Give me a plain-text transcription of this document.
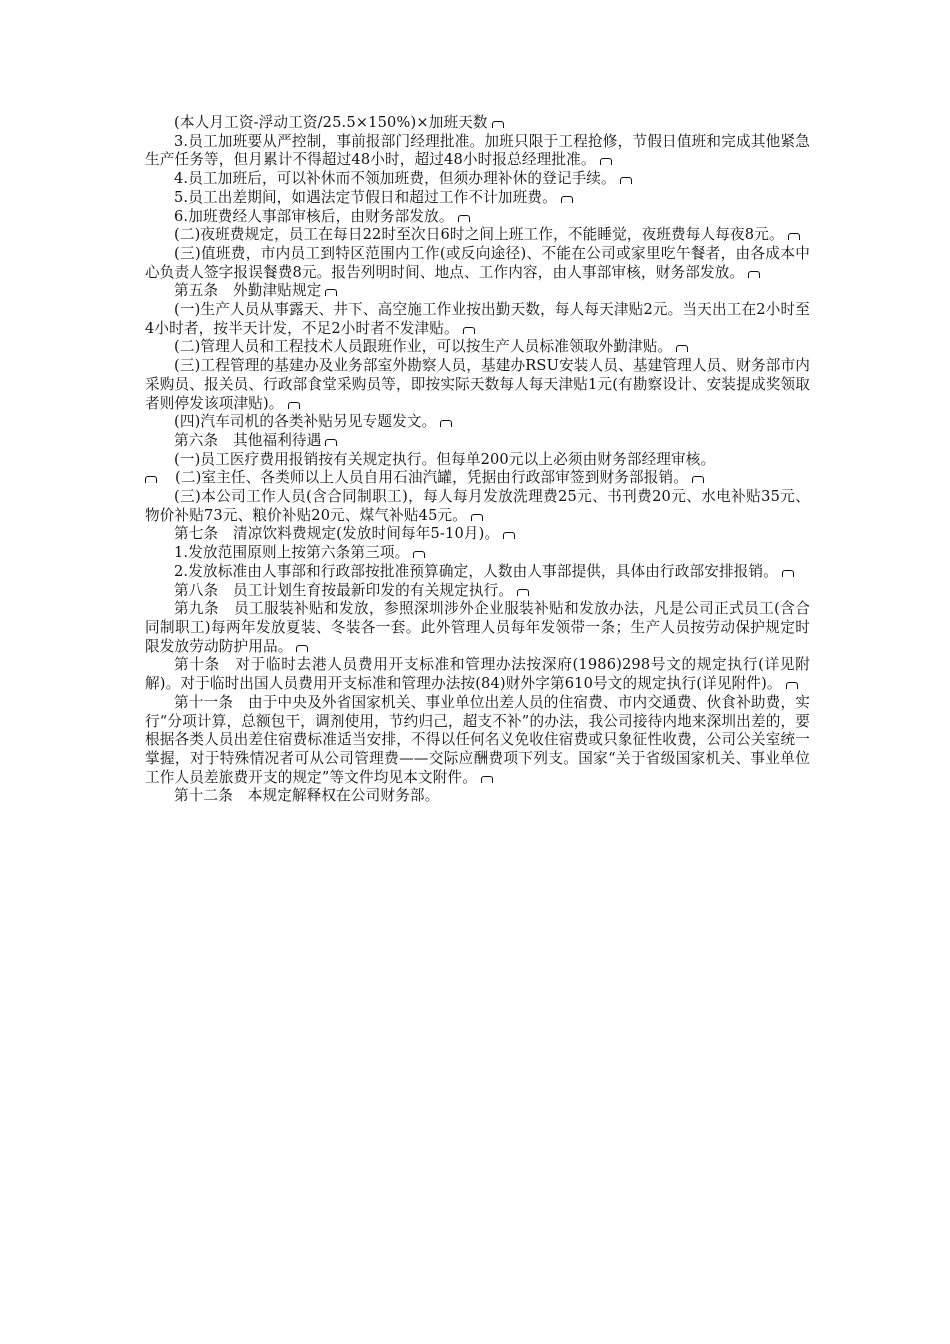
(本人月工资-浮动工资/25.5×150%)×加班天数

3.员工加班要从严控制，事前报部门经理批准。加班只限于工程抢修，节假日值班和完成其他紧急生产任务等，但月累计不得超过48小时，超过48小时报总经理批准。

4.员工加班后，可以补休而不领加班费，但须办理补休的登记手续。

5.员工出差期间，如遇法定节假日和超过工作不计加班费。

6.加班费经人事部审核后，由财务部发放。

(二)夜班费规定，员工在每日22时至次日6时之间上班工作，不能睡觉，夜班费每人每夜8元。

(三)值班费，市内员工到特区范围内工作(或反向途径)、不能在公司或家里吃午餐者，由各成本中心负责人签字报误餐费8元。报告列明时间、地点、工作内容，由人事部审核，财务部发放。

第五条　外勤津贴规定

(一)生产人员从事露天、井下、高空施工作业按出勤天数，每人每天津贴2元。当天出工在2小时至4小时者，按半天计发，不足2小时者不发津贴。

(二)管理人员和工程技术人员跟班作业，可以按生产人员标准领取外勤津贴。

(三)工程管理的基建办及业务部室外勘察人员，基建办RSU安装人员、基建管理人员、财务部市内采购员、报关员、行政部食堂采购员等，即按实际天数每人每天津贴1元(有勘察设计、安装提成奖领取者则停发该项津贴)。

(四)汽车司机的各类补贴另见专题发文。

第六条　其他福利待遇

(一)员工医疗费用报销按有关规定执行。但每单200元以上必须由财务部经理审核。

(二)室主任、各类师以上人员自用石油汽罐，凭据由行政部审签到财务部报销。

(三)本公司工作人员(含合同制职工)，每人每月发放洗理费25元、书刊费20元、水电补贴35元、物价补贴73元、粮价补贴20元、煤气补贴45元。

第七条　清凉饮料费规定(发放时间每年5-10月)。

1.发放范围原则上按第六条第三项。

2.发放标准由人事部和行政部按批准预算确定，人数由人事部提供，具体由行政部安排报销。

第八条　员工计划生育按最新印发的有关规定执行。

第九条　员工服装补贴和发放，参照深圳涉外企业服装补贴和发放办法，凡是公司正式员工(含合同制职工)每两年发放夏装、冬装各一套。此外管理人员每年发领带一条；生产人员按劳动保护规定时限发放劳动防护用品。

第十条　对于临时去港人员费用开支标准和管理办法按深府(1986)298号文的规定执行(详见附解)。对于临时出国人员费用开支标准和管理办法按(84)财外字第610号文的规定执行(详见附件)。

第十一条　由于中央及外省国家机关、事业单位出差人员的住宿费、市内交通费、伙食补助费，实行“分项计算，总额包干，调剂使用，节约归己，超支不补”的办法，我公司接待内地来深圳出差的，要根据各类人员出差住宿费标准适当安排，不得以任何名义免收住宿费或只象征性收费，公司公关室统一掌握，对于特殊情况者可从公司管理费——交际应酬费项下列支。国家“关于省级国家机关、事业单位工作人员差旅费开支的规定”等文件均见本文附件。

第十二条　本规定解释权在公司财务部。
